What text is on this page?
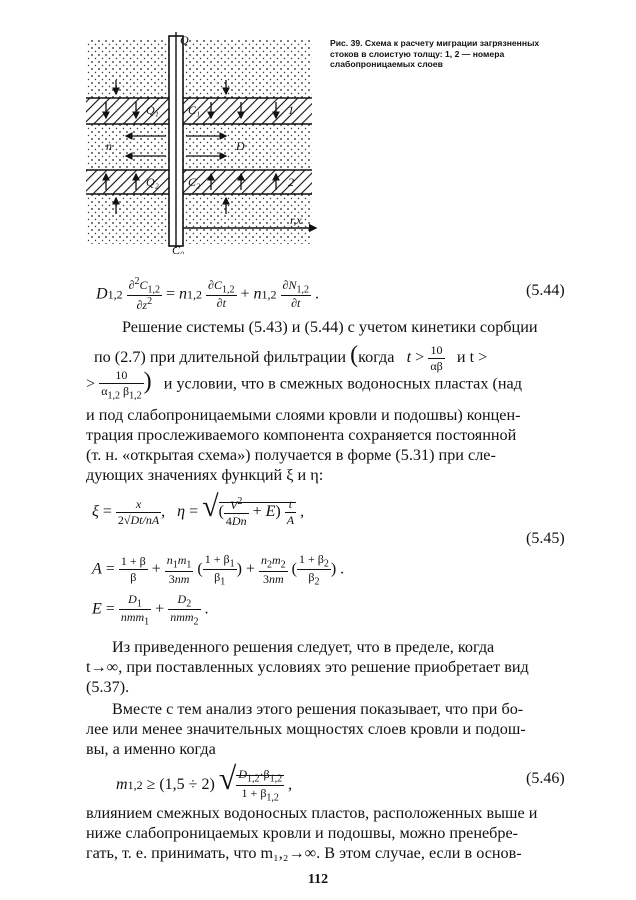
Q
1
2
n	D
C₁
C₂
Q₁
Q₂
r,x
C₀
Рис. 39. Схема к расчету миграции загрязненных стоков в слоистую толщу: 1, 2 — номера слабопроницаемых слоев
$D1,2 \frac{\partial^2C_{1,2}}{\partial z^2} = n1,2 \frac{\partial C_{1,2}}{\partial t} + n1,2 \frac{\partial N_{1,2}}{\partial t}$ .	(5.44)
Решение системы (5.43) и (5.44) с учетом кинетики сорбции
по (2.7) при длительной фильтрации (когда $t > \frac{10}{\alpha\beta}$ и t >
> $\frac{10}{\alpha_{1,2} \beta_{1,2}}$ ) и условии, что в смежных водоносных пластах (над
и под слабопроницаемыми слоями кровли и подошвы) концен-
трация прослеживаемого компонента сохраняется постоянной
(т. н. «открытая схема») получается в форме (5.31) при сле-
дующих значениях функций ξ и η:
$\xi = \frac{x}{2√Dt/nA}$ ,   η = √( $\frac{V^2}{4Dn} + E) \frac{t}{A}$ ,
(5.45)
$A = \frac{1 + \beta}{\beta} + \frac{n_1m_1}{3nm}$ ( $\frac{1 + \beta_1}{\beta_1}$ ) + $\frac{n_2m_2}{3nm}$ ( $\frac{1 + \beta_2}{\beta_2}$ ) .
$E = \frac{D_1}{nmm_1} + \frac{D_2}{nmm_2}$ .
Из приведенного решения следует, что в пределе, когда
t→∞, при поставленных условиях это решение приобретает вид
(5.37).
Вместе с тем анализ этого решения показывает, что при бо-
лее или менее значительных мощностях слоев кровли и подош-
вы, а именно когда
m1,2 ≥ (1,5 ÷ 2) √ $\frac{D_{1,2}\cdot\beta_{1,2}}{1 + \beta_{1,2}}$ ,	(5.46)
влиянием смежных водоносных пластов, расположенных выше и
ниже слабопроницаемых кровли и подошвы, можно пренебре-
гать, т. е. принимать, что m₁,₂→∞. В этом случае, если в основ-
112
